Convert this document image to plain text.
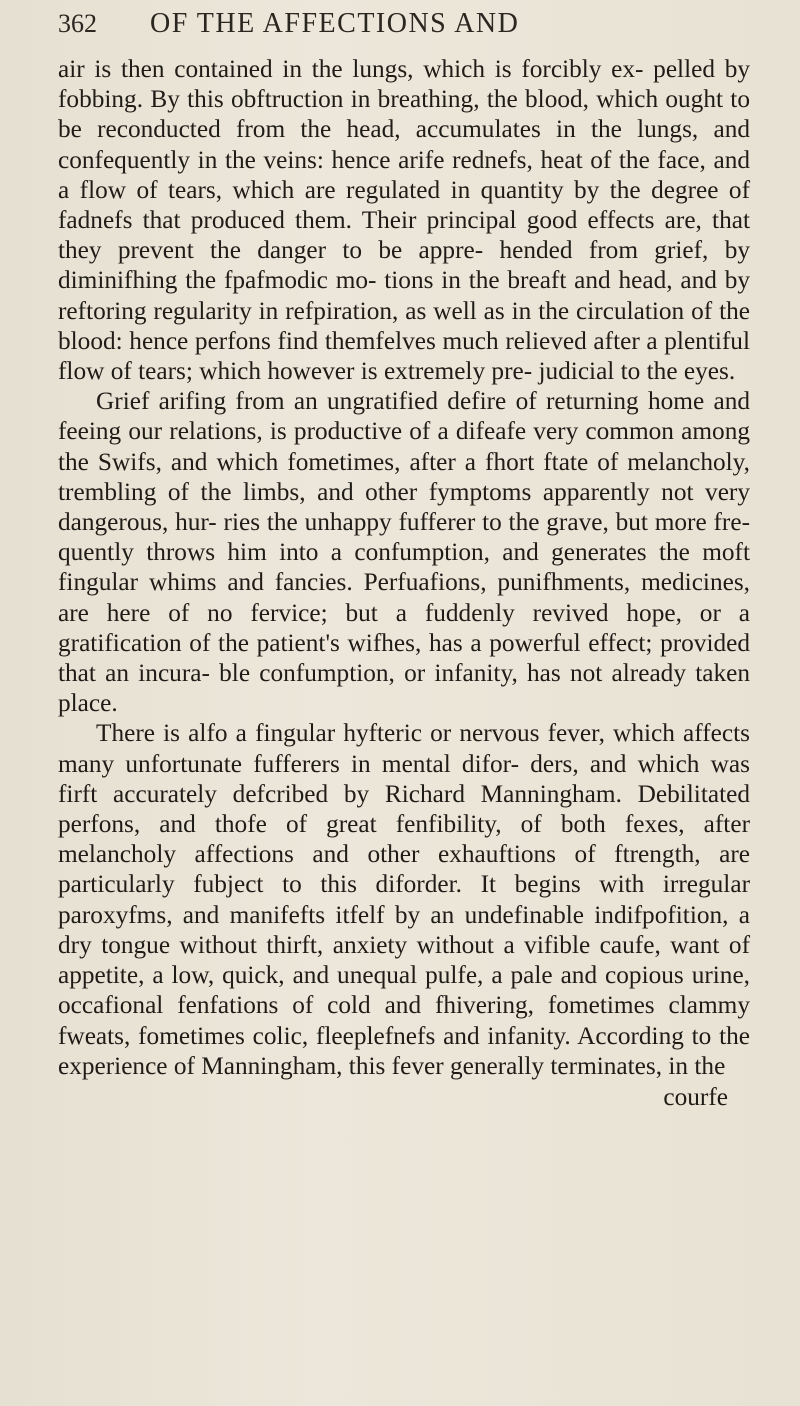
362	OF THE AFFECTIONS AND
air is then contained in the lungs, which is forcibly ex- pelled by fobbing. By this obftruction in breathing, the blood, which ought to be reconducted from the head, accumulates in the lungs, and confequently in the veins: hence arife rednefs, heat of the face, and a flow of tears, which are regulated in quantity by the degree of fadnefs that produced them. Their principal good effects are, that they prevent the danger to be appre- hended from grief, by diminifhing the fpafmodic mo- tions in the breaft and head, and by reftoring regularity in refpiration, as well as in the circulation of the blood: hence perfons find themfelves much relieved after a plentiful flow of tears; which however is extremely pre- judicial to the eyes.
Grief arifing from an ungratified defire of returning home and feeing our relations, is productive of a difeafe very common among the Swifs, and which fometimes, after a fhort ftate of melancholy, trembling of the limbs, and other fymptoms apparently not very dangerous, hur- ries the unhappy fufferer to the grave, but more fre- quently throws him into a confumption, and generates the moft fingular whims and fancies. Perfuafions, punifhments, medicines, are here of no fervice; but a fuddenly revived hope, or a gratification of the patient's wifhes, has a powerful effect; provided that an incura- ble confumption, or infanity, has not already taken place.
There is alfo a fingular hyfteric or nervous fever, which affects many unfortunate fufferers in mental difor- ders, and which was firft accurately defcribed by Richard Manningham. Debilitated perfons, and thofe of great fenfibility, of both fexes, after melancholy affections and other exhauftions of ftrength, are particularly fubject to this diforder. It begins with irregular paroxyfms, and manifefts itfelf by an undefinable indifpofition, a dry tongue without thirft, anxiety without a vifible caufe, want of appetite, a low, quick, and unequal pulfe, a pale and copious urine, occafional fenfations of cold and fhivering, fometimes clammy fweats, fometimes colic, fleeplefnefs and infanity. According to the experience of Manningham, this fever generally terminates, in the
courfe
